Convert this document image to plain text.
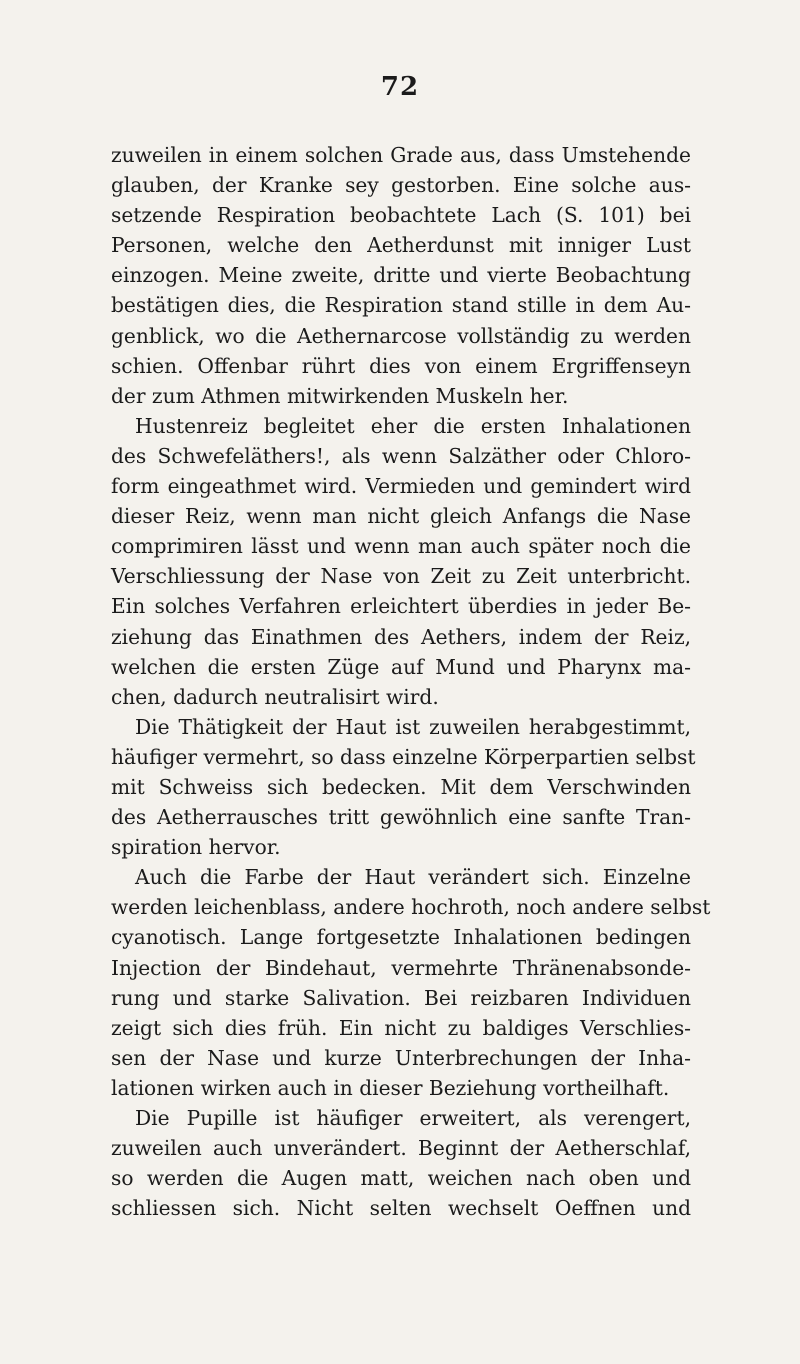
72
zuweilen in einem solchen Grade aus, dass Umstehende
glauben, der Kranke sey gestorben. Eine solche aus-
setzende Respiration beobachtete Lach (S. 101) bei
Personen, welche den Aetherdunst mit inniger Lust
einzogen. Meine zweite, dritte und vierte Beobachtung
bestätigen dies, die Respiration stand stille in dem Au-
genblick, wo die Aethernarcose vollständig zu werden
schien. Offenbar rührt dies von einem Ergriffenseyn
der zum Athmen mitwirkenden Muskeln her.
Hustenreiz begleitet eher die ersten Inhalationen
des Schwefeläthers!, als wenn Salzäther oder Chloro-
form eingeathmet wird. Vermieden und gemindert wird
dieser Reiz, wenn man nicht gleich Anfangs die Nase
comprimiren lässt und wenn man auch später noch die
Verschliessung der Nase von Zeit zu Zeit unterbricht.
Ein solches Verfahren erleichtert überdies in jeder Be-
ziehung das Einathmen des Aethers, indem der Reiz,
welchen die ersten Züge auf Mund und Pharynx ma-
chen, dadurch neutralisirt wird.
Die Thätigkeit der Haut ist zuweilen herabgestimmt,
häufiger vermehrt, so dass einzelne Körperpartien selbst
mit Schweiss sich bedecken. Mit dem Verschwinden
des Aetherrausches tritt gewöhnlich eine sanfte Tran-
spiration hervor.
Auch die Farbe der Haut verändert sich. Einzelne
werden leichenblass, andere hochroth, noch andere selbst
cyanotisch. Lange fortgesetzte Inhalationen bedingen
Injection der Bindehaut, vermehrte Thränenabsonde-
rung und starke Salivation. Bei reizbaren Individuen
zeigt sich dies früh. Ein nicht zu baldiges Verschlies-
sen der Nase und kurze Unterbrechungen der Inha-
lationen wirken auch in dieser Beziehung vortheilhaft.
Die Pupille ist häufiger erweitert, als verengert,
zuweilen auch unverändert. Beginnt der Aetherschlaf,
so werden die Augen matt, weichen nach oben und
schliessen sich. Nicht selten wechselt Oeffnen und
